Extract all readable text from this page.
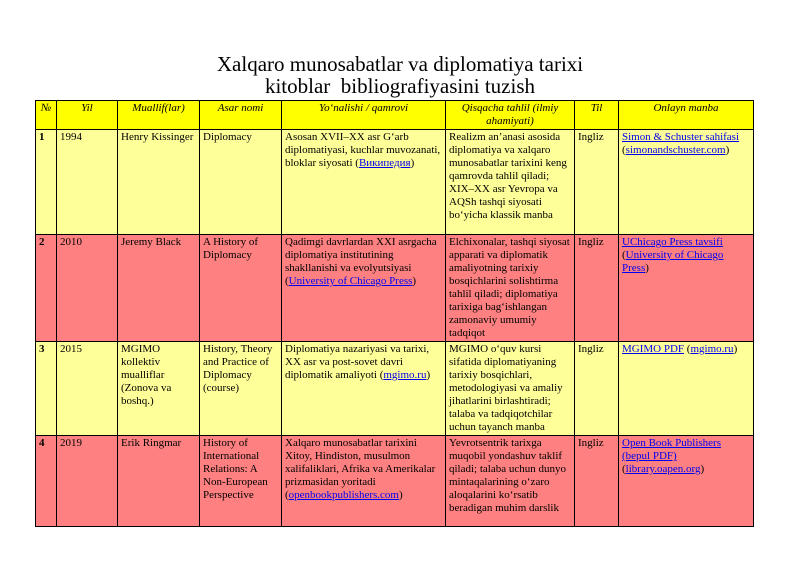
Xalqaro munosabatlar va diplomatiya tarixi
kitoblar  bibliografiyasini tuzish
№	Yil	Muallif(lar)	Asar nomi	Yo‘nalishi / qamrovi	Qisqacha tahlil (ilmiy ahamiyati)	Til	Onlayn manba
1	1994	Henry Kissinger	Diplomacy	Asosan XVII–XX asr G‘arb diplomatiyasi, kuchlar muvozanati, bloklar siyosati (Википедия)	Realizm an’anasi asosida diplomatiya va xalqaro munosabatlar tarixini keng qamrovda tahlil qiladi; XIX–XX asr Yevropa va AQSh tashqi siyosati bo‘yicha klassik manba	Ingliz	Simon & Schuster sahifasi (simonandschuster.com)
2	2010	Jeremy Black	A History of Diplomacy	Qadimgi davrlardan XXI asrgacha diplomatiya institutining shakllanishi va evolyutsiyasi (University of Chicago Press)	Elchixonalar, tashqi siyosat apparati va diplomatik amaliyotning tarixiy bosqichlarini solishtirma tahlil qiladi; diplomatiya tarixiga bag‘ishlangan zamonaviy umumiy tadqiqot	Ingliz	UChicago Press tavsifi (University of Chicago Press)
3	2015	MGIMO kollektiv mualliflar (Zonova va boshq.)	History, Theory and Practice of Diplomacy (course)	Diplomatiya nazariyasi va tarixi, XX asr va post-sovet davri diplomatik amaliyoti (mgimo.ru)	MGIMO o‘quv kursi sifatida diplomatiyaning tarixiy bosqichlari, metodologiyasi va amaliy jihatlarini birlashtiradi; talaba va tadqiqotchilar uchun tayanch manba	Ingliz	MGIMO PDF (mgimo.ru)
4	2019	Erik Ringmar	History of International Relations: A Non-European Perspective	Xalqaro munosabatlar tarixini Xitoy, Hindiston, musulmon xalifaliklari, Afrika va Amerikalar prizmasidan yoritadi (openbookpublishers.com)	Yevrotsentrik tarixga muqobil yondashuv taklif qiladi; talaba uchun dunyo mintaqalarining o‘zaro aloqalarini ko‘rsatib beradigan muhim darslik	Ingliz	Open Book Publishers (bepul PDF) (library.oapen.org)
